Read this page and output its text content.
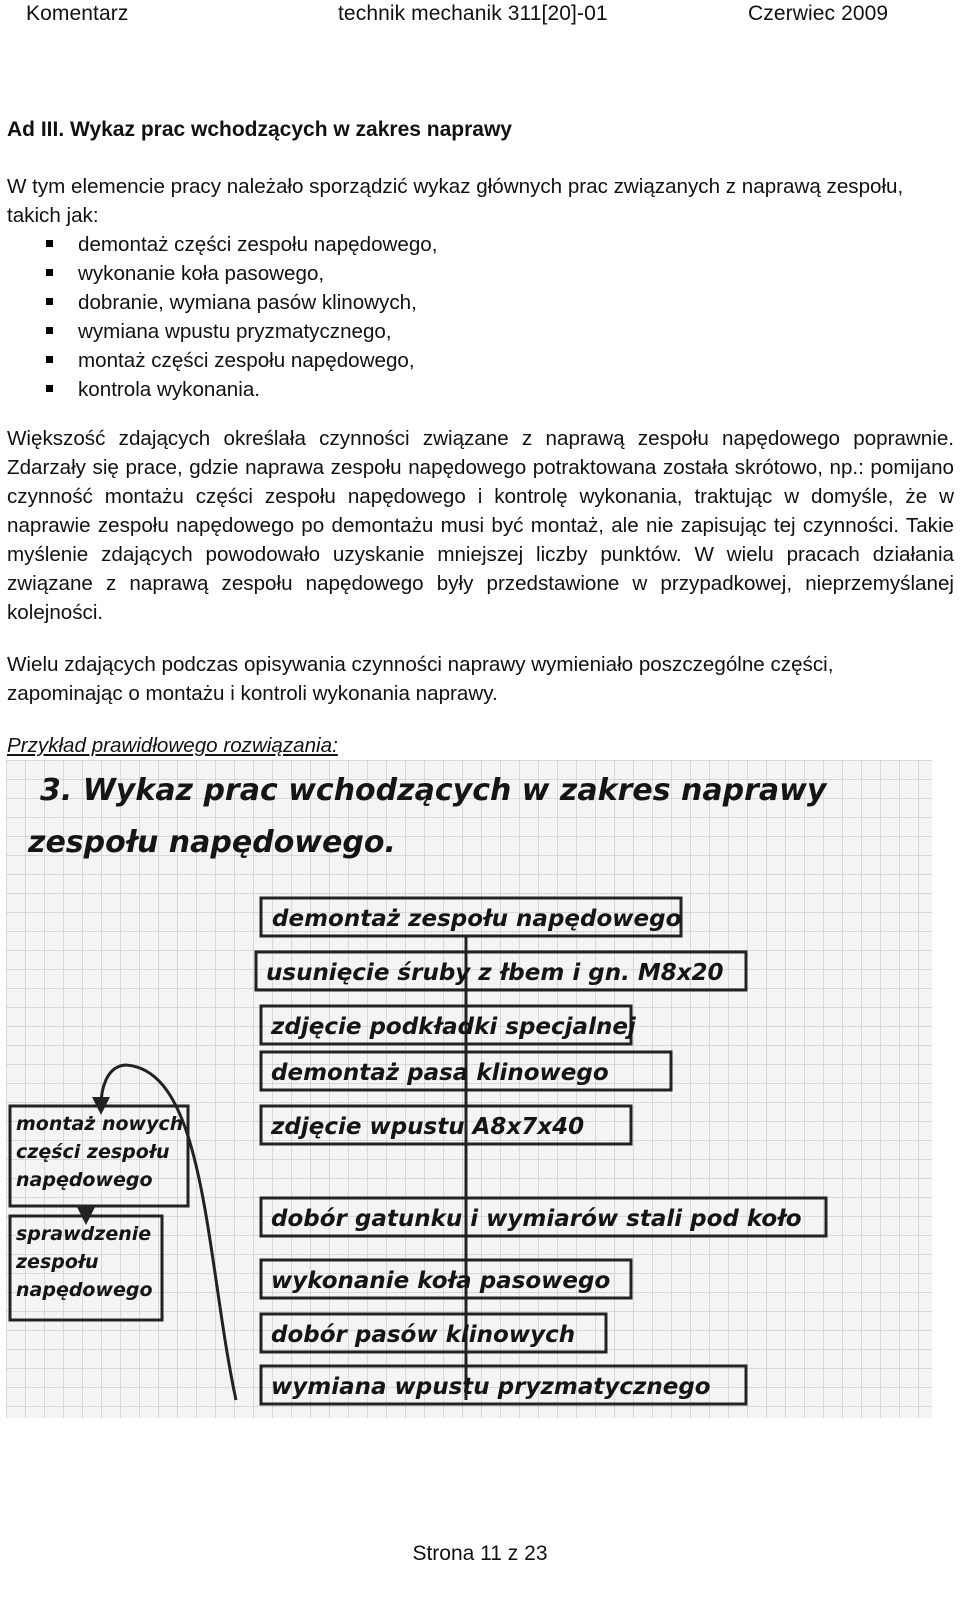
Komentarz	technik mechanik 311[20]-01	Czerwiec 2009
Ad III. Wykaz prac wchodzących w zakres naprawy

W tym elemencie pracy należało sporządzić wykaz głównych prac związanych z naprawą zespołu, takich jak:

demontaż części zespołu napędowego,
wykonanie koła pasowego,
dobranie, wymiana pasów klinowych,
wymiana wpustu pryzmatycznego,
montaż części zespołu napędowego,
kontrola wykonania.

Większość zdających określała czynności związane z naprawą zespołu napędowego poprawnie. Zdarzały się prace, gdzie naprawa zespołu napędowego potraktowana została skrótowo, np.: pomijano czynność montażu części zespołu napędowego i kontrolę wykonania, traktując w domyśle, że w naprawie zespołu napędowego po demontażu musi być montaż, ale nie zapisując tej czynności. Takie myślenie zdających powodowało uzyskanie mniejszej liczby punktów. W wielu pracach działania związane z naprawą zespołu napędowego były przedstawione w przypadkowej, nieprzemyślanej kolejności.

Wielu zdających podczas opisywania czynności naprawy wymieniało poszczególne części, zapominając o montażu i kontroli wykonania naprawy.

Przykład prawidłowego rozwiązania:
3. Wykaz prac wchodzących w zakres naprawy
zespołu napędowego.
demontaż zespołu napędowego
usunięcie śruby z łbem i gn. M8x20
zdjęcie podkładki specjalnej
demontaż pasa klinowego
zdjęcie wpustu A8x7x40
dobór gatunku i wymiarów stali pod koło
wykonanie koła pasowego
dobór pasów klinowych
wymiana wpustu pryzmatycznego
montaż nowych
części zespołu
napędowego
sprawdzenie
zespołu
napędowego
Strona 11 z 23
